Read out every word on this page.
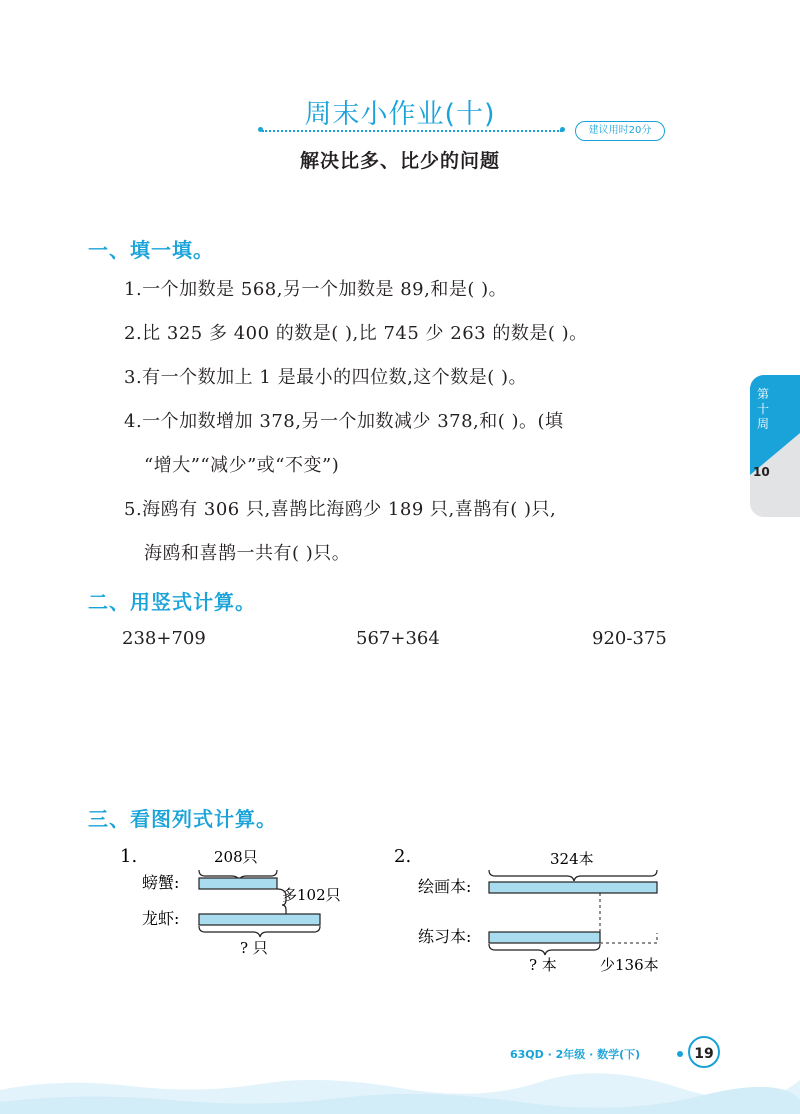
周末小作业(十)
建议用时20分
解决比多、比少的问题
第十周
10
一、填一填。
1.一个加数是 568,另一个加数是 89,和是( )。
2.比 325 多 400 的数是( ),比 745 少 263 的数是( )。
3.有一个数加上 1 是最小的四位数,这个数是( )。
4.一个加数增加 378,另一个加数减少 378,和( )。(填
“增大”“减少”或“不变”)
5.海鸥有 306 只,喜鹊比海鸥少 189 只,喜鹊有( )只,
海鸥和喜鹊一共有( )只。
二、用竖式计算。
238+709	567+364	920-375
三、看图列式计算。
1.	208只
螃蟹:
多102只
龙虾:
? 只
2.	324本
绘画本:
练习本:
? 本	少136本
63QD · 2年级 · 数学(下)	19
